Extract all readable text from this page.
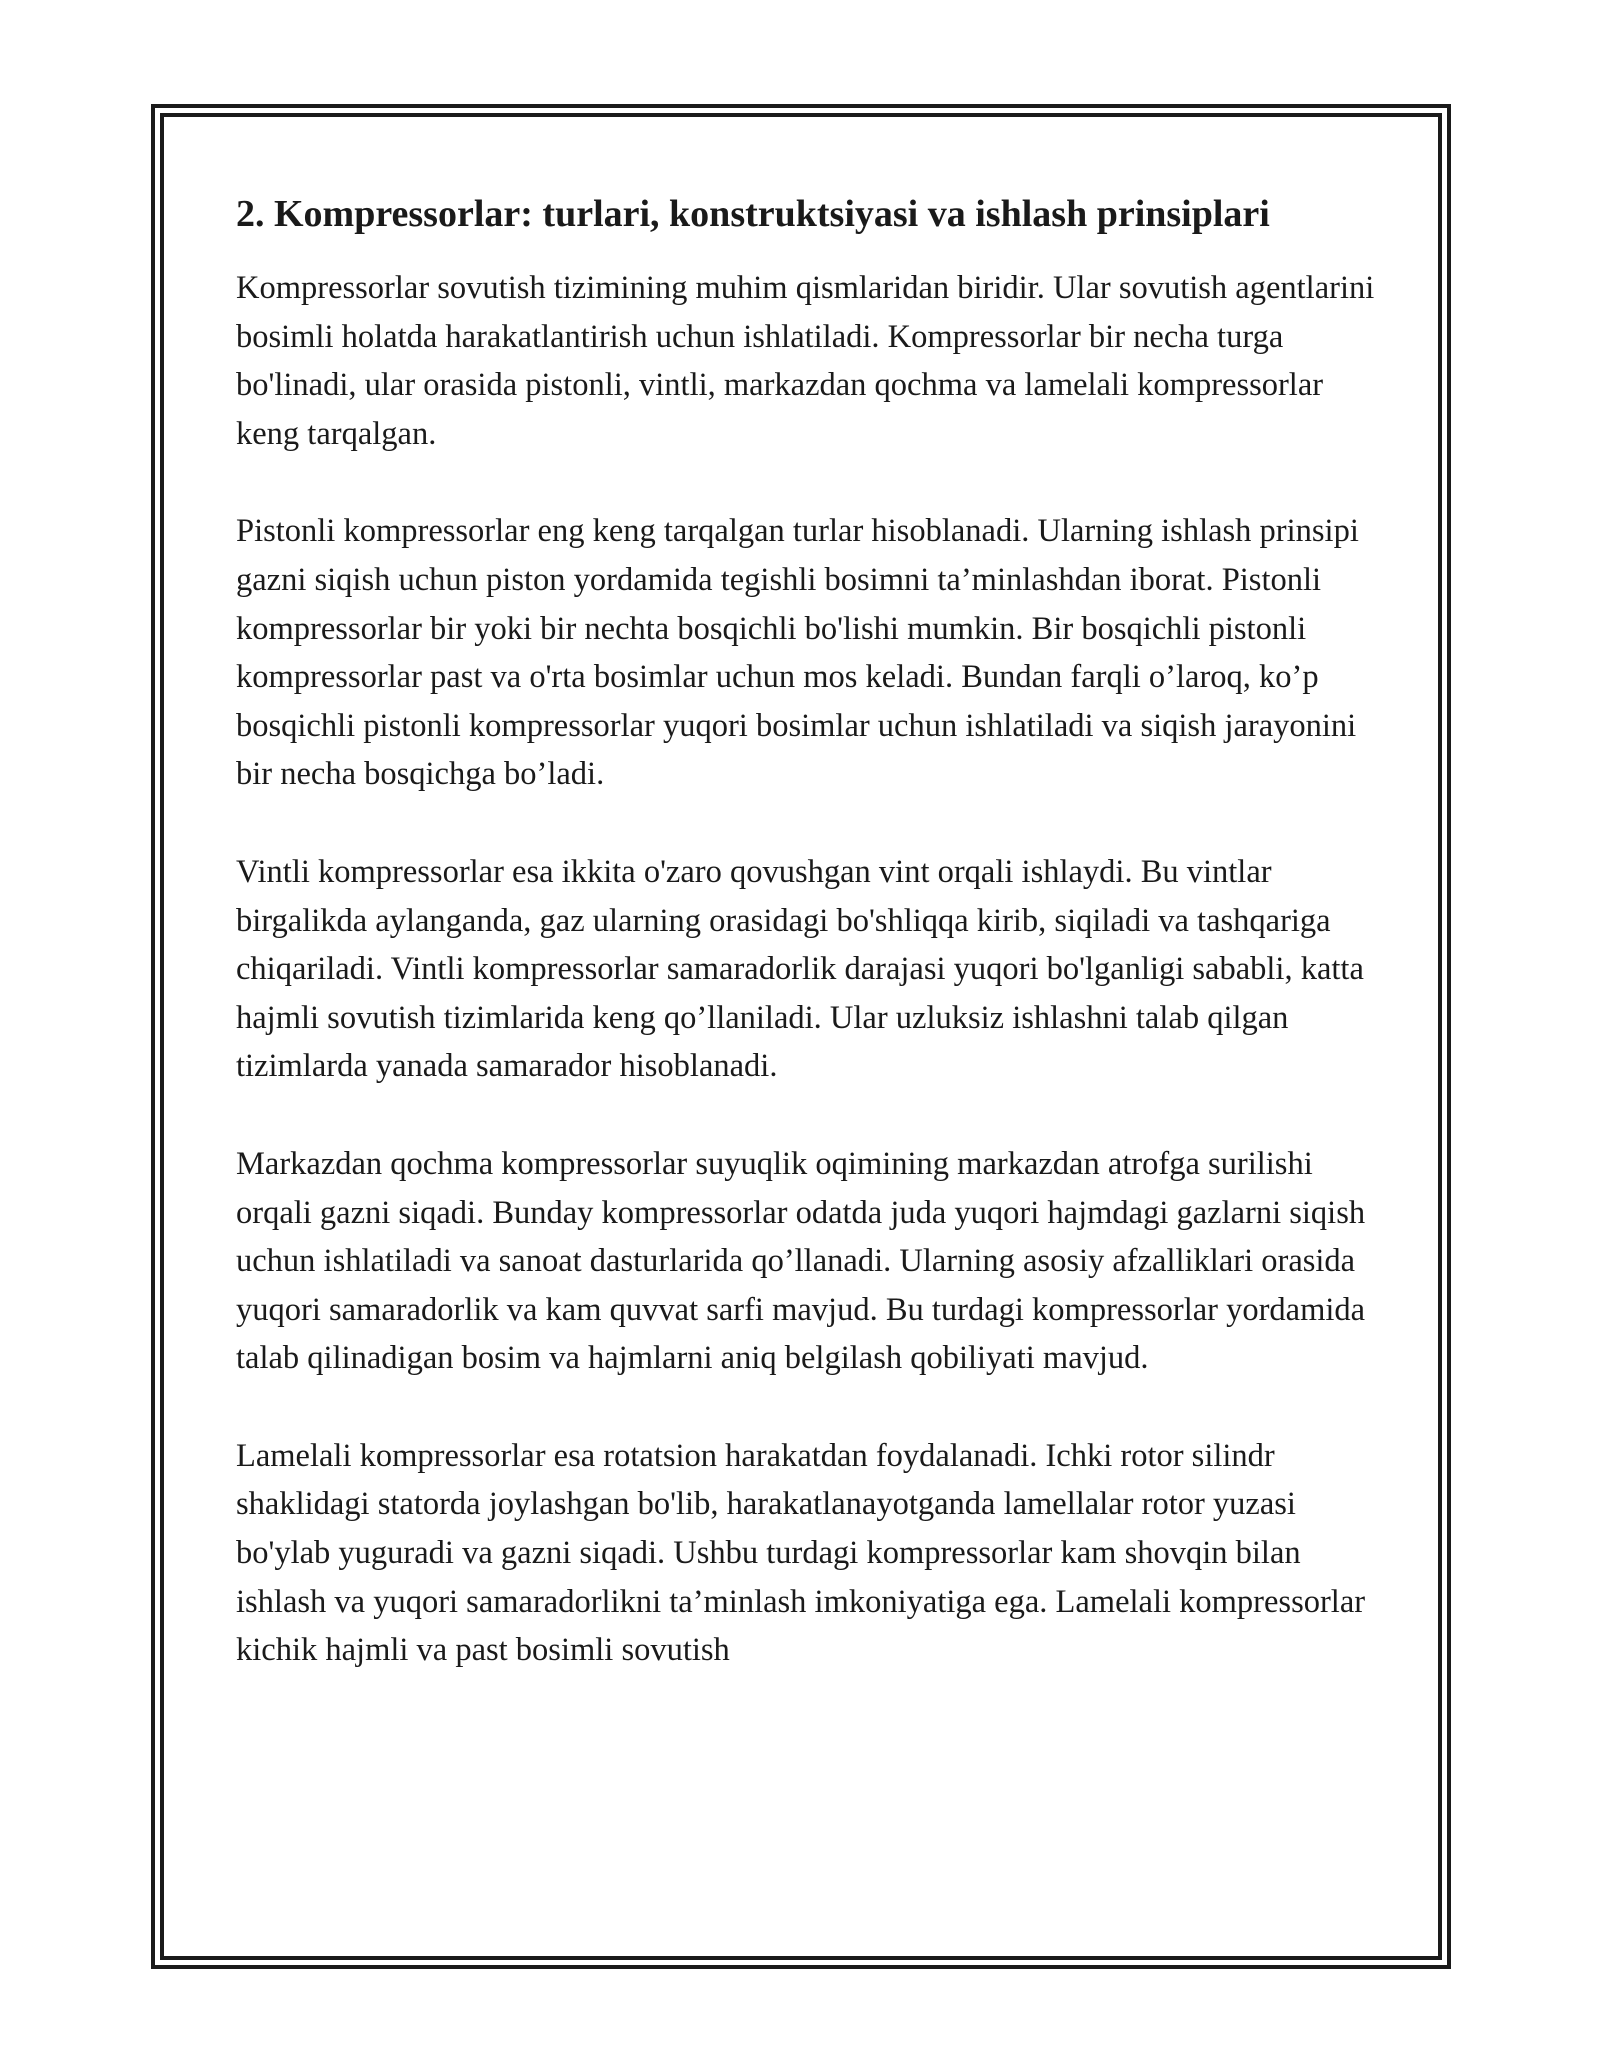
2. Kompressorlar: turlari, konstruktsiyasi va ishlash prinsiplari

Kompressorlar sovutish tizimining muhim qismlaridan biridir. Ular sovutish agentlarini bosimli holatda harakatlantirish uchun ishlatiladi. Kompressorlar bir necha turga bo'linadi, ular orasida pistonli, vintli, markazdan qochma va lamelali kompressorlar keng tarqalgan.

Pistonli kompressorlar eng keng tarqalgan turlar hisoblanadi. Ularning ishlash prinsipi gazni siqish uchun piston yordamida tegishli bosimni ta’minlashdan iborat. Pistonli kompressorlar bir yoki bir nechta bosqichli bo'lishi mumkin. Bir bosqichli pistonli kompressorlar past va o'rta bosimlar uchun mos keladi. Bundan farqli o’laroq, ko’p bosqichli pistonli kompressorlar yuqori bosimlar uchun ishlatiladi va siqish jarayonini bir necha bosqichga bo’ladi.

Vintli kompressorlar esa ikkita o'zaro qovushgan vint orqali ishlaydi. Bu vintlar birgalikda aylanganda, gaz ularning orasidagi bo'shliqqa kirib, siqiladi va tashqariga chiqariladi. Vintli kompressorlar samaradorlik darajasi yuqori bo'lganligi sababli, katta hajmli sovutish tizimlarida keng qo’llaniladi. Ular uzluksiz ishlashni talab qilgan tizimlarda yanada samarador hisoblanadi.

Markazdan qochma kompressorlar suyuqlik oqimining markazdan atrofga surilishi orqali gazni siqadi. Bunday kompressorlar odatda juda yuqori hajmdagi gazlarni siqish uchun ishlatiladi va sanoat dasturlarida qo’llanadi. Ularning asosiy afzalliklari orasida yuqori samaradorlik va kam quvvat sarfi mavjud. Bu turdagi kompressorlar yordamida talab qilinadigan bosim va hajmlarni aniq belgilash qobiliyati mavjud.

Lamelali kompressorlar esa rotatsion harakatdan foydalanadi. Ichki rotor silindr shaklidagi statorda joylashgan bo'lib, harakatlanayotganda lamellalar rotor yuzasi bo'ylab yuguradi va gazni siqadi. Ushbu turdagi kompressorlar kam shovqin bilan ishlash va yuqori samaradorlikni ta’minlash imkoniyatiga ega. Lamelali kompressorlar kichik hajmli va past bosimli sovutish
